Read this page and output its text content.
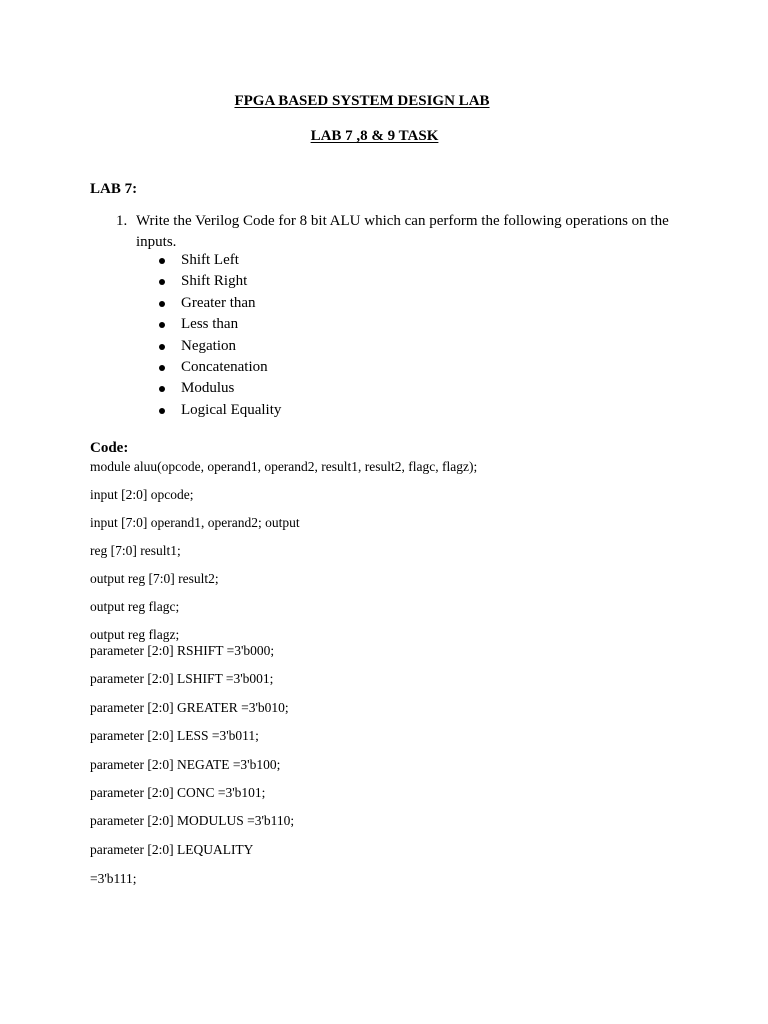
FPGA BASED SYSTEM DESIGN LAB
LAB 7 ,8 & 9 TASK
LAB 7:
1. Write the Verilog Code for 8 bit ALU which can perform the following operations on the inputs.
Shift Left
Shift Right
Greater than
Less than
Negation
Concatenation
Modulus
Logical Equality
Code:
module aluu(opcode, operand1, operand2, result1, result2, flagc, flagz);
input [2:0] opcode;
input [7:0] operand1, operand2; output
reg [7:0] result1;
output reg [7:0] result2;
output reg flagc;
output reg flagz;
parameter [2:0] RSHIFT =3'b000;
parameter [2:0] LSHIFT =3'b001;
parameter [2:0] GREATER =3'b010;
parameter [2:0] LESS =3'b011;
parameter [2:0] NEGATE =3'b100;
parameter [2:0] CONC =3'b101;
parameter [2:0] MODULUS =3'b110;
parameter [2:0] LEQUALITY
=3'b111;
